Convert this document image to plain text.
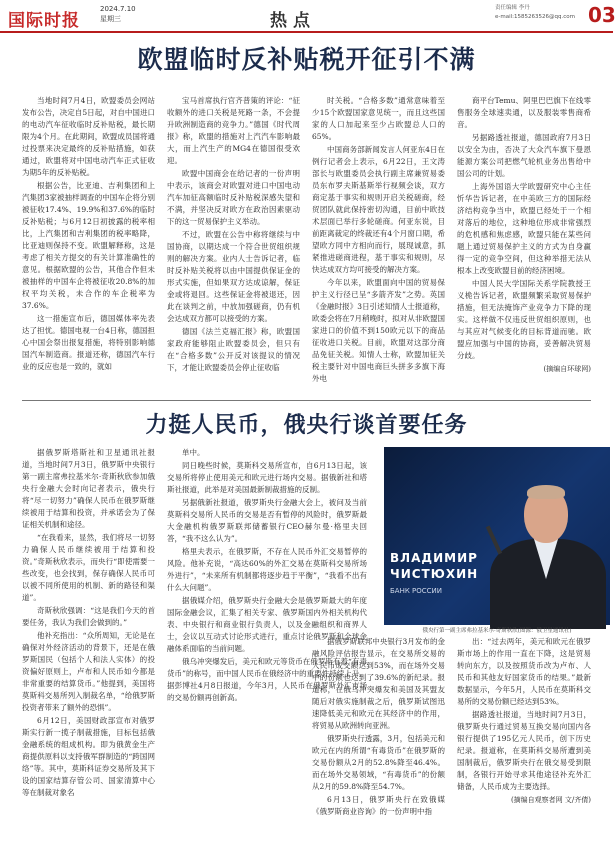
国际时报
2024.7.10
星期三	热点
责任编辑 李丹
e-mail:1585263526@qq.com 03
欧盟临时反补贴税开征引不满

当地时间7月4日，欧盟委员会网站发布公告，决定自5日起，对自中国进口的电动汽车征收临时反补贴税，最长期限为4个月。在此期间，欧盟成员国将通过投票来决定最终的反补贴措施，如获通过，欧盟将对中国电动汽车正式征收为期5年的反补贴税。

根据公告，比亚迪、吉利集团和上汽集团3家被抽样调查的中国车企将分别被征收17.4%、19.9%和37.6%的临时反补贴税；与6月12日初披露的税率相比，上汽集团和吉利集团的税率略降，比亚迪则保持不变。欧盟解释称，这是考虑了相关方提交的有关计算准确性的意见。根据欧盟的公告，其他合作但未被抽样的中国车企将被征收20.8%的加权平均关税，未合作的车企税率为37.6%。

这一措施宣布后，德国媒体率先表达了担忧。德国电视一台4日称，德国担心中国会祭出报复措施，将特别影响德国汽车制造商。报道还称，德国汽车行业的反应也是一致的，就如

宝马首席执行官齐普策的评论：“征收额外的进口关税是死路一条，不会提升欧洲制造商的竞争力。”德国《时代周报》称，欧盟的措施对上汽汽车影响最大，而上汽生产的MG4在德国很受欢迎。

欧盟中国商会在给记者的一份声明中表示，该商会对欧盟对进口中国电动汽车加征高额临时反补贴税深感失望和不满，并坚决反对欧方在政治因素驱动下的这一贸易保护主义举动。

不过，欧盟在公告中称将继续与中国协商，以期达成一个符合世贸组织规则的解决方案。业内人士告诉记者，临时反补贴关税将以由中国提供保证金的形式实施，但如果双方达成谅解，保证金或将退回。这些保证金将被退还，因此在谈判之前，中放加强磋商，仍有机会达成双方都可以接受的方案。

德国《法兰克福汇报》称，欧盟国家政府能够阻止欧盟委员会，但只有在“合格多数”公开反对该提议的情况下，才能让欧盟委员会停止征收临

时关税。“合格多数”通常意味着至少15个欧盟国家意见统一，而且这些国家的人口加起来至少占欧盟总人口的65%。

中国商务部新闻发言人何亚东4日在例行记者会上表示，6月22日，王文涛部长与欧盟委员会执行副主席兼贸易委员东布罗夫斯基斯举行视频会谈，双方商定基于事实和规则开启关税磋商，经贸团队就此保持密切沟通，目前中欧技术层面已举行多轮磋商。何亚东说，目前距离裁定的终裁还有4个月窗口期，希望欧方同中方相向而行，展现诚意，抓紧推进磋商进程，基于事实和规则，尽快达成双方均可接受的解决方案。

今年以来，欧盟面向中国的贸易保护主义行径已呈“多箭齐发”之势。英国《金融时报》3日引述知情人士报道称，欧委会将在7月稍晚时，拟对从非欧盟国家进口的价值不到150欧元以下的商品征收进口关税。目前，欧盟对这部分商品免征关税。知情人士称，欧盟加征关税主要针对中国电商巨头拼多多旗下海外电

商平台Temu、阿里巴巴旗下在线零售服务全球速卖通，以及服装零售商希音。

另据路透社报道，德国政府7月3日以安全为由，否决了大众汽车旗下曼恩能源方案公司把燃气轮机业务出售给中国公司的计划。

上海外国语大学欧盟研究中心主任忻华告诉记者，在中美欧三方的国际经济结构竞争当中，欧盟已经处于一个相对落后的地位，这种地位形成非常强烈的危机感和焦虑感，欧盟只能在某些问题上通过贸易保护主义的方式为自身赢得一定的竞争空间，但这种举措无法从根本上改变欧盟目前的经济困境。

中国人民大学国际关系学院教授王义桅告诉记者，欧盟频繁采取贸易保护措施，但无法掩饰产业竞争力下降的现实。这样做不仅违反世贸组织原则，也与其应对气候变化的目标背道而驰。欧盟应加强与中国的协商，妥善解决贸易分歧。

(摘编自环球网)
力挺人民币，俄央行谈首要任务

据俄罗斯塔斯社和卫星通讯社报道，当地时间7月3日，俄罗斯中央银行第一副主席弗拉基米尔·奇斯秋欣参加俄央行金融大会时向记者表示，俄央行将“尽一切努力”确保人民币在俄罗斯继续被用于结算和投资，并承诺会为了保证相关机制和途径。

“在我看来，显然，我们将尽一切努力确保人民币继续被用于结算和投资。”奇斯秋欣表示，而央行“即使需要一些改变，也会找到，保存确保人民币可以被不同所使用的机制、新的路径和渠道”。

奇斯秋欣强调：“这是我们今天的首要任务，我认为我们会做到的。”

他补充指出：“众所周知，无论是在确保对外经济活动的背景下，还是在俄罗斯国民（包括个人和法人实体）的投资偏好原则上，卢布和人民币如今都是非常重要的结算货币。”他提到，美国将莫斯科交易所列入制裁名单，“给俄罗斯投资者带来了额外的恐惧”。

6月12日，美国财政部宣布对俄罗斯实行新一揽子制裁措施，目标包括俄金融系统的组成机构。即为俄黄金生产商提供原料以支持俄军群制造的“跨国网络”等。其中，莫斯科证券交易所及其下设的国家结算存管公司、国家清算中心等在制裁对象名

单中。

同日晚些时候，莫斯科交易所宣布，自6月13日起，该交易所将停止使用美元和欧元进行场内交易。据俄新社和塔斯社报道，此举是对美国最新制裁措施的反制。

另据俄新社报道，俄罗斯央行金融大会上，被问及当前莫斯科交易所人民币的交易是否有暂停的风险时，俄罗斯最大金融机构俄罗斯联邦储蓄银行CEO赫尔曼·格里夫回答，“我不这么认为”。

格里夫表示，在俄罗斯，不存在人民币外汇交易暂停的风险。他补充说，“高达60%的外汇交易在莫斯科交易所场外进行”，“未来所有机制都将逐步趋于平衡”，“我看不出有什么大问题”。

据俄媒介绍，俄罗斯央行金融大会是俄罗斯最大的年度国际金融会议，汇集了相关专家、俄罗斯国内外相关机构代表、中央银行和商业银行负责人，以及金融组织和商界人士，会议以互动式讨论形式进行，重点讨论俄罗斯和全球金融体系面临的当前问题。

俄乌冲突爆发后，美元和欧元等货币在俄罗斯有着“有毒货币”的称号，而中国人民币在俄经济中的重要性持续上升。据彭博社4月8日报道，今年3月，人民币在俄罗斯外汇市场的交易份额再创新高。

ВЛАДИМИР
ЧИСТЮХИН
БАНК РОССИИ
俄央行第一副主席弗拉基米尔·奇斯秋欣(图源：俄卫星通讯社)

据俄罗斯联邦中央银行3月发布的金融风险评估报告显示，在交易所交易的人民币成交额达到53%，而在场外交易中的份额也达到了39.6%的新纪录。报道称，在俄乌冲突爆发和美国及其盟友随后对俄实施制裁之后，俄罗斯试图迅速降低美元和欧元在其经济中的作用，将贸易从欧洲转向亚洲。

俄罗斯央行透露，3月，包括美元和欧元在内的所谓“有毒货币”在俄罗斯的交易份额从2月的52.8%降至46.4%。而在场外交易领域，“有毒货币”的份额从2月的59.8%降至54.7%。

6月13日，俄罗斯央行在致俄媒《俄罗斯商业咨询》的一份声明中指

出：“过去两年，美元和欧元在俄罗斯市场上的作用一直在下降，这是贸易转向东方，以及按照货币改为卢布、人民币和其他友好国家货币的结果。”最新数据显示，今年5月，人民币在莫斯科交易所的交易份额已经达到53%。

据路透社报道，当地时间7月3日，俄罗斯央行通过贸易互换交易向国内各银行提供了195亿元人民币，创下历史纪录。报道称，在莫斯科交易所遭到美国制裁后，俄罗斯央行在俄交易受到限制，各银行开始寻求其他途径补充外汇储备，人民币成为主要选择。

(摘编自观察者网 文/齐倩)
